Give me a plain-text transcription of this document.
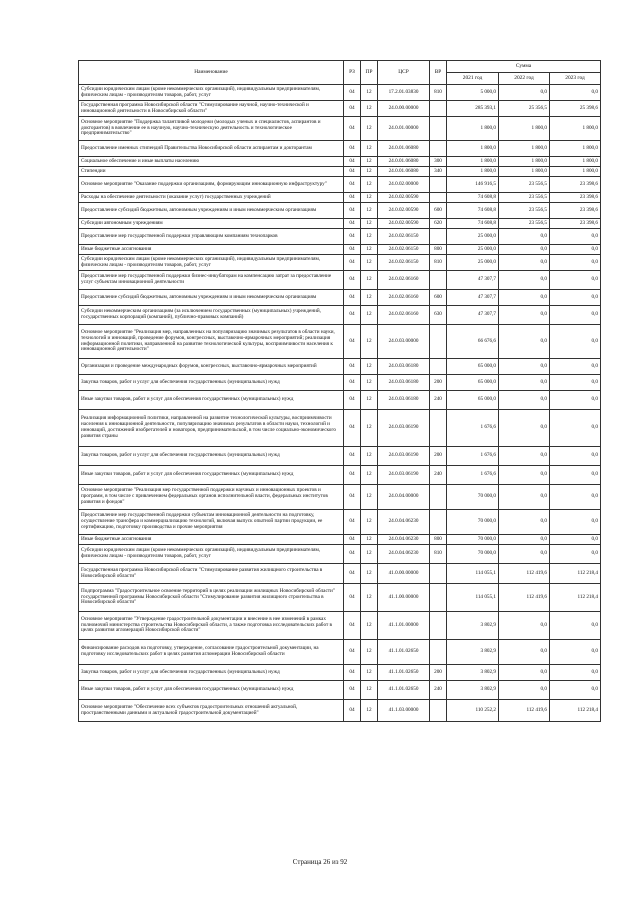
Наименование	РЗ	ПР	ЦСР	ВР	Сумма		
					2021 год	2022 год	2023 год
Субсидии юридическим лицам (кроме некоммерческих организаций), индивидуальным предпринимателям, физическим лицам - производителям товаров, работ, услуг	04	12	17.2.01.03830	810	5 000,0	0,0	0,0
Государственная программа Новосибирской области "Стимулирование научной, научно-технической и инновационной деятельности в Новосибирской области"	04	12	24.0.00.00000		285 393,1	25 356,5	25 398,6
Основное мероприятие "Поддержка талантливой молодежи (молодых ученых и специалистов, аспирантов и докторантов) в вовлечение ее в научную, научно-техническую деятельность и технологическое предпринимательство"	04	12	24.0.01.00000		1 800,0	1 800,0	1 800,0
Предоставление именных стипендий Правительства Новосибирской области аспирантам и докторантам	04	12	24.0.01.06080		1 800,0	1 800,0	1 800,0
Социальное обеспечение и иные выплаты населению	04	12	24.0.01.06080	300	1 800,0	1 800,0	1 800,0
Стипендии	04	12	24.0.01.06080	340	1 800,0	1 800,0	1 800,0
Основное мероприятие "Оказание поддержки организациям, формирующим инновационную инфраструктуру"	04	12	24.0.02.00000		146 916,5	23 556,5	23 398,6
Расходы на обеспечение деятельности (оказание услуг) государственных учреждений	04	12	24.0.02.00590		74 608,8	23 556,5	23 398,6
Предоставление субсидий бюджетным, автономным учреждениям и иным некоммерческим организациям	04	12	24.0.02.00590	600	74 608,8	23 556,5	23 398,6
Субсидии автономным учреждениям	04	12	24.0.02.00590	620	74 608,8	23 556,5	23 398,6
Предоставление мер государственной поддержки управляющим компаниям технопарков	04	12	24.0.02.06150		25 000,0	0,0	0,0
Иные бюджетные ассигнования	04	12	24.0.02.06150	800	25 000,0	0,0	0,0
Субсидии юридическим лицам (кроме некоммерческих организаций), индивидуальным предпринимателям, физическим лицам - производителям товаров, работ, услуг	04	12	24.0.02.06150	810	25 000,0	0,0	0,0
Предоставление мер государственной поддержки бизнес-инкубаторам на компенсацию затрат за предоставление услуг субъектам инновационной деятельности	04	12	24.0.02.06160		47 307,7	0,0	0,0
Предоставление субсидий бюджетным, автономным учреждениям и иным некоммерческим организациям	04	12	24.0.02.06160	600	47 307,7	0,0	0,0
Субсидии некоммерческим организациям (за исключением государственных (муниципальных) учреждений, государственных корпораций (компаний), публично-правовых компаний)	04	12	24.0.02.06160	630	47 307,7	0,0	0,0
Основное мероприятие "Реализация мер, направленных на популяризацию значимых результатов в области науки, технологий и инноваций, проведение форумов, конгрессных, выставочно-ярмарочных мероприятий; реализация информационной политики, направленной на развитие технологической культуры, восприимчивости населения к инновационной деятельности"	04	12	24.0.03.00000		66 676,6	0,0	0,0
Организация и проведение международных форумов, конгрессных, выставочно-ярмарочных мероприятий	04	12	24.0.03.06180		65 000,0	0,0	0,0
Закупка товаров, работ и услуг для обеспечения государственных (муниципальных) нужд	04	12	24.0.03.06180	200	65 000,0	0,0	0,0
Иные закупки товаров, работ и услуг для обеспечения государственных (муниципальных) нужд	04	12	24.0.03.06180	240	65 000,0	0,0	0,0
Реализация информационной политики, направленной на развитие технологической культуры, восприимчивости населения к инновационной деятельности, популяризацию значимых результатов в области науки, технологий и инноваций, достижений изобретателей и новаторов, предпринимательской, в том числе социально-экономического развития страны	04	12	24.0.03.06190		1 676,6	0,0	0,0
Закупка товаров, работ и услуг для обеспечения государственных (муниципальных) нужд	04	12	24.0.03.06190	200	1 676,6	0,0	0,0
Иные закупки товаров, работ и услуг для обеспечения государственных (муниципальных) нужд	04	12	24.0.03.06190	240	1 676,6	0,0	0,0
Основное мероприятие "Реализация мер государственной поддержки научных и инновационных проектов и программ, в том числе с привлечением федеральных органов исполнительной власти, федеральных институтов развития и фондов"	04	12	24.0.04.00000		70 000,0	0,0	0,0
Предоставление мер государственной поддержки субъектам инновационной деятельности на подготовку, осуществление трансфера и коммерциализацию технологий, включая выпуск опытной партии продукции, ее сертификацию, подготовку производства и прочие мероприятия	04	12	24.0.04.06230		70 000,0	0,0	0,0
Иные бюджетные ассигнования	04	12	24.0.04.06230	800	70 000,0	0,0	0,0
Субсидии юридическим лицам (кроме некоммерческих организаций), индивидуальным предпринимателям, физическим лицам - производителям товаров, работ, услуг	04	12	24.0.04.06230	810	70 000,0	0,0	0,0
Государственная программа Новосибирской области "Стимулирование развития жилищного строительства в Новосибирской области"	04	12	41.0.00.00000		114 055,1	112 419,6	112 218,4
Подпрограмма "Градостроительное освоение территорий в целях реализации жилищных Новосибирской области" государственной программы Новосибирской области "Стимулирование развития жилищного строительства в Новосибирской области"	04	12	41.1.00.00000		114 055,1	112 419,6	112 218,4
Основное мероприятие "Утверждение градостроительной документации и внесение в нее изменений в рамках полномочий министерства строительства Новосибирской области, а также подготовка исследовательских работ в целях развития агломераций Новосибирской области"	04	12	41.1.01.00000		3 802,9	0,0	0,0
Финансирование расходов на подготовку, утверждение, согласование градостроительной документации, на подготовку исследовательских работ в целях развития агломерации Новосибирской области	04	12	41.1.01.02650		3 802,9	0,0	0,0
Закупка товаров, работ и услуг для обеспечения государственных (муниципальных) нужд	04	12	41.1.01.02650	200	3 802,9	0,0	0,0
Иные закупки товаров, работ и услуг для обеспечения государственных (муниципальных) нужд	04	12	41.1.01.02650	240	3 802,9	0,0	0,0
Основное мероприятие "Обеспечение всех субъектов градостроительных отношений актуальной, пространственными данными и актуальной градостроительной документацией"	04	12	41.1.03.00000		110 252,2	112 419,6	112 218,4
Страница 26 из 92
